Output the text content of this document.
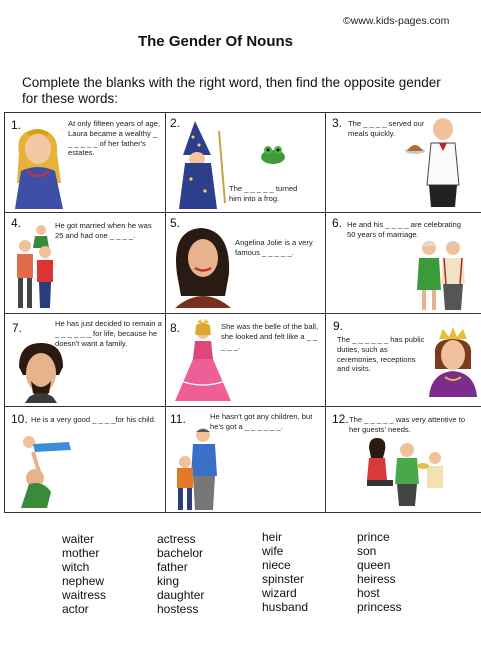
©www.kids-pages.com
The Gender Of Nouns
Complete the blanks with the right word, then find the opposite gender for these words:
1.	At only fifteen years of age, Laura became a wealthy _ _ _ _ _ _ of her father's estates.
2.
The _ _ _ _ _ turned him into a frog.
3. The _ _ _ _ served our meals quickly.
4.	He got married when he was 25 and had one _ _ _ _.
5.
Angelina Jolie is a very famous _ _ _ _ _.
6. He and his _ _ _ _ are celebrating 50 years of marriage.
7.	He has just decided to remain a _ _ _ _ _ _ for life, because he doesn't want a family.
8.	She was the belle of the ball, she looked and felt like a _ _ _ _ _.
9.
The _ _ _ _ _ _ has public duties, such as ceremonies, receptions and visits.
10. He is a very good _ _ _ _for his child. 11.	He hasn't got any children, but he's got a _ _ _ _ _ _.
12. The _ _ _ _ _ was very attentive to her guests' needs.
waiter
mother
witch
nephew
waitress
actor
actress
bachelor
father
king
daughter
hostess
heir
wife
niece
spinster
wizard
husband
prince
son
queen
heiress
host
princess
